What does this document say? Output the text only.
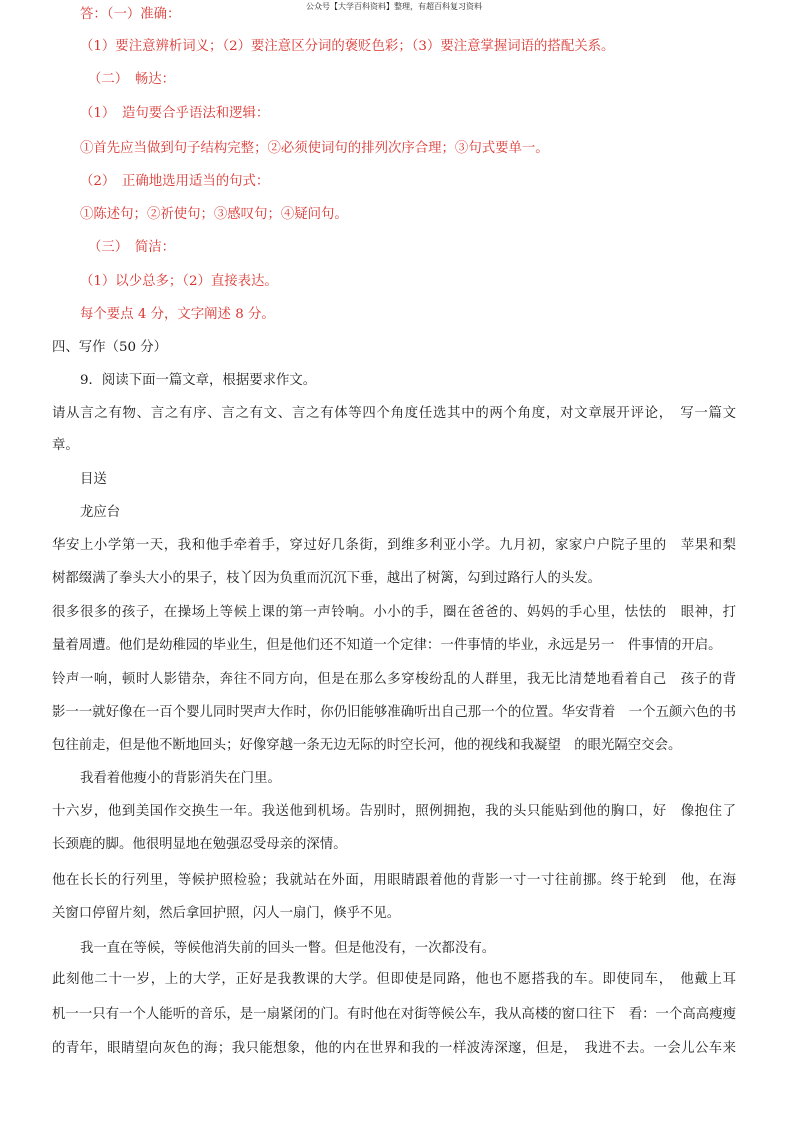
公众号【大学百科资料】整理，有超百科复习资料
答：（一）准确：
（1）要注意辨析词义；（2）要注意区分词的褒贬色彩；（3）要注意掌握词语的搭配关系。
（二）　畅达：
（1）　造句要合乎语法和逻辑：
①首先应当做到句子结构完整；②必须使词句的排列次序合理；③句式要单一。
（2）　正确地选用适当的句式：
①陈述句；②祈使句；③感叹句；④疑问句。
（三）　简洁：
（1）以少总多；（2）直接表达。
每个要点 4 分，文字阐述 8 分。
四、写作（50 分）
9．阅读下面一篇文章，根据要求作文。
请从言之有物、言之有序、言之有文、言之有体等四个角度任选其中的两个角度，对文章展开评论，　写一篇文
章。
目送
龙应台
华安上小学第一天，我和他手牵着手，穿过好几条街，到维多利亚小学。九月初，家家户户院子里的　苹果和梨
树都缀满了拳头大小的果子，枝丫因为负重而沉沉下垂，越出了树篱，勾到过路行人的头发。
很多很多的孩子，在操场上等候上课的第一声铃响。小小的手，圈在爸爸的、妈妈的手心里，怯怯的　眼神，打
量着周遭。他们是幼稚园的毕业生，但是他们还不知道一个定律：一件事情的毕业，永远是另一　件事情的开启。
铃声一响，顿时人影错杂，奔往不同方向，但是在那么多穿梭纷乱的人群里，我无比清楚地看着自己　孩子的背
影一一就好像在一百个婴儿同时哭声大作时，你仍旧能够准确听出自己那一个的位置。华安背着　一个五颜六色的书
包往前走，但是他不断地回头；好像穿越一条无边无际的时空长河，他的视线和我凝望　的眼光隔空交会。
我看着他瘦小的背影消失在门里。
十六岁，他到美国作交换生一年。我送他到机场。告别时，照例拥抱，我的头只能贴到他的胸口，好　像抱住了
长颈鹿的脚。他很明显地在勉强忍受母亲的深情。
他在长长的行列里，等候护照检验；我就站在外面，用眼睛跟着他的背影一寸一寸往前挪。终于轮到　他，在海
关窗口停留片刻，然后拿回护照，闪人一扇门，倏乎不见。
我一直在等候，等候他消失前的回头一瞥。但是他没有，一次都没有。
此刻他二十一岁，上的大学，正好是我教课的大学。但即使是同路，他也不愿搭我的车。即使同车，　他戴上耳
机一一只有一个人能听的音乐，是一扇紧闭的门。有时他在对街等候公车，我从高楼的窗口往下　看：一个高高瘦瘦
的青年，眼睛望向灰色的海；我只能想象，他的内在世界和我的一样波涛深邃，但是，　我进不去。一会儿公车来
